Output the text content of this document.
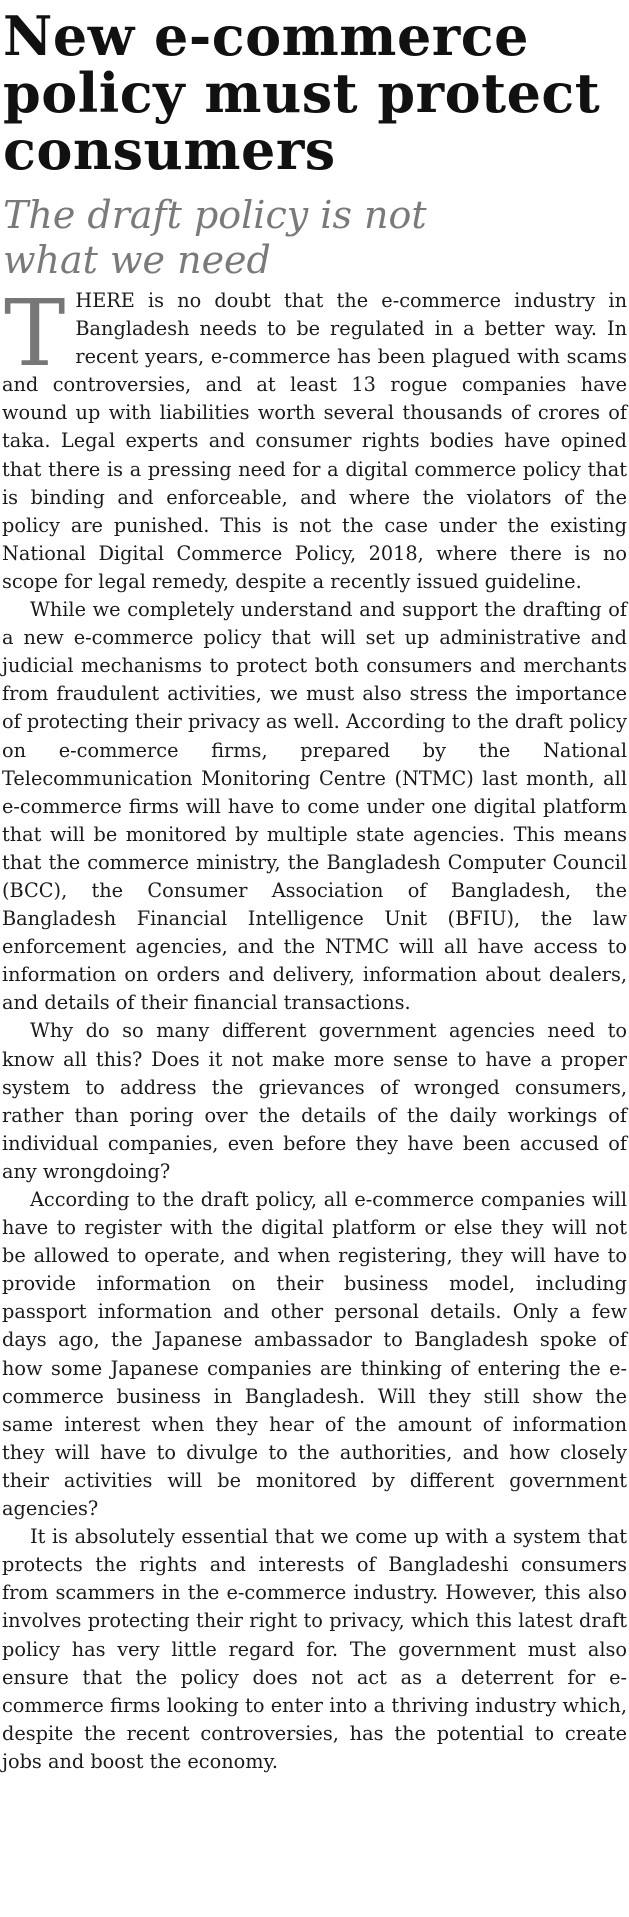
New e-commerce policy must protect consumers
The draft policy is not what we need

THERE is no doubt that the e-commerce industry in Bangladesh needs to be regulated in a better way. In recent years, e-commerce has been plagued with scams and controversies, and at least 13 rogue companies have wound up with liabilities worth several thousands of crores of taka. Legal experts and consumer rights bodies have opined that there is a pressing need for a digital commerce policy that is binding and enforceable, and where the violators of the policy are punished. This is not the case under the existing National Digital Commerce Policy, 2018, where there is no scope for legal remedy, despite a recently issued guideline.

While we completely understand and support the drafting of a new e-commerce policy that will set up administrative and judicial mechanisms to protect both consumers and merchants from fraudulent activities, we must also stress the importance of protecting their privacy as well. According to the draft policy on e-commerce firms, prepared by the National Telecommunication Monitoring Centre (NTMC) last month, all e-commerce firms will have to come under one digital platform that will be monitored by multiple state agencies. This means that the commerce ministry, the Bangladesh Computer Council (BCC), the Consumer Association of Bangladesh, the Bangladesh Financial Intelligence Unit (BFIU), the law enforcement agencies, and the NTMC will all have access to information on orders and delivery, information about dealers, and details of their financial transactions.

Why do so many different government agencies need to know all this? Does it not make more sense to have a proper system to address the grievances of wronged consumers, rather than poring over the details of the daily workings of individual companies, even before they have been accused of any wrongdoing?

According to the draft policy, all e-commerce companies will have to register with the digital platform or else they will not be allowed to operate, and when registering, they will have to provide information on their business model, including passport information and other personal details. Only a few days ago, the Japanese ambassador to Bangladesh spoke of how some Japanese companies are thinking of entering the e-commerce business in Bangladesh. Will they still show the same interest when they hear of the amount of information they will have to divulge to the authorities, and how closely their activities will be monitored by different government agencies?

It is absolutely essential that we come up with a system that protects the rights and interests of Bangladeshi consumers from scammers in the e-commerce industry. However, this also involves protecting their right to privacy, which this latest draft policy has very little regard for. The government must also ensure that the policy does not act as a deterrent for e-commerce firms looking to enter into a thriving industry which, despite the recent controversies, has the potential to create jobs and boost the economy.
